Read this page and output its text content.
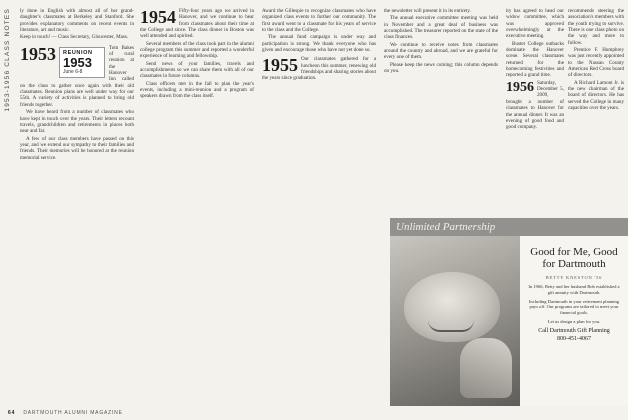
1953-1956 CLASS NOTES ly done in English with almost all of her grand-daughter's classmates at Berkeley and Stanford. She provides explanatory comments on recent events in literature, art and music.

Keep in touch! — Class Secretary, Gloucester, Mass.

1953 REUNION
1953
June 6-8

Tom Bakes of rural reunion at the Hanover Inn called on the class to gather once again with their old classmates. Reunion plans are well under way for our 55th. A variety of activities is planned to bring old friends together.

We have heard from a number of classmates who have kept in touch over the years. Their letters recount travels, grandchildren and retirements in places both near and far.

A few of our class members have passed on this year, and we extend our sympathy to their families and friends. Their memories will be honored at the reunion memorial service.

1954 Fifty-four years ago we arrived in Hanover, and we continue to hear from classmates about their time at the College and since. The class dinner in Boston was well attended and spirited.

Several members of the class took part in the alumni college program this summer and reported a wonderful experience of learning and fellowship.

Send news of your families, travels and accomplishments so we can share them with all of our classmates in future columns.

Class officers met in the fall to plan the year's events, including a mini-reunion and a program of speakers drawn from the class itself.

Award the Gillespie to recognize classmates who have organized class events to further our community. The first award went to a classmate for his years of service to the class and the College.

The annual fund campaign is under way and participation is strong. We thank everyone who has given and encourage those who have not yet done so.

1955 Our classmates gathered for a luncheon this summer, renewing old friendships and sharing stories about the years since graduation.

the newsletter will present it in its entirety.

The annual executive committee meeting was held in November and a great deal of business was accomplished. The treasurer reported on the state of the class finances.

We continue to receive notes from classmates around the country and abroad, and we are grateful for every one of them.

Please keep the news coming; this column depends on you.

ity has agreed to head our widow committee, which was approved overwhelmingly at the executive meeting.

Buster College outbacks dominate the Hanover scene. Several classmates returned for the homecoming festivities and reported a grand time.

1956 Saturday, December 5, 2009, brought a number of classmates to Hanover for the annual dinner. It was an evening of good food and good company.

recommends steering the association's members with the youth trying to survive. There is one class photo on the way and more to follow.

Prentice F. Humphrey was just recently appointed to the Nassau County American Red Cross board of directors.

A Richard Lamont Jr. is the new chairman of the board of directors. He has served the College in many capacities over the years.

Unlimited Partnership
Good for Me, Good for Dartmouth
BETTY KNESTON '56

In 1966, Betty and her husband Bob established a gift annuity with Dartmouth.

Including Dartmouth in your retirement planning pays off. Our programs are tailored to meet your financial goals.

Let us design a plan for you.

Call Dartmouth Gift Planning
800-451-4067
64 DARTMOUTH ALUMNI MAGAZINE
